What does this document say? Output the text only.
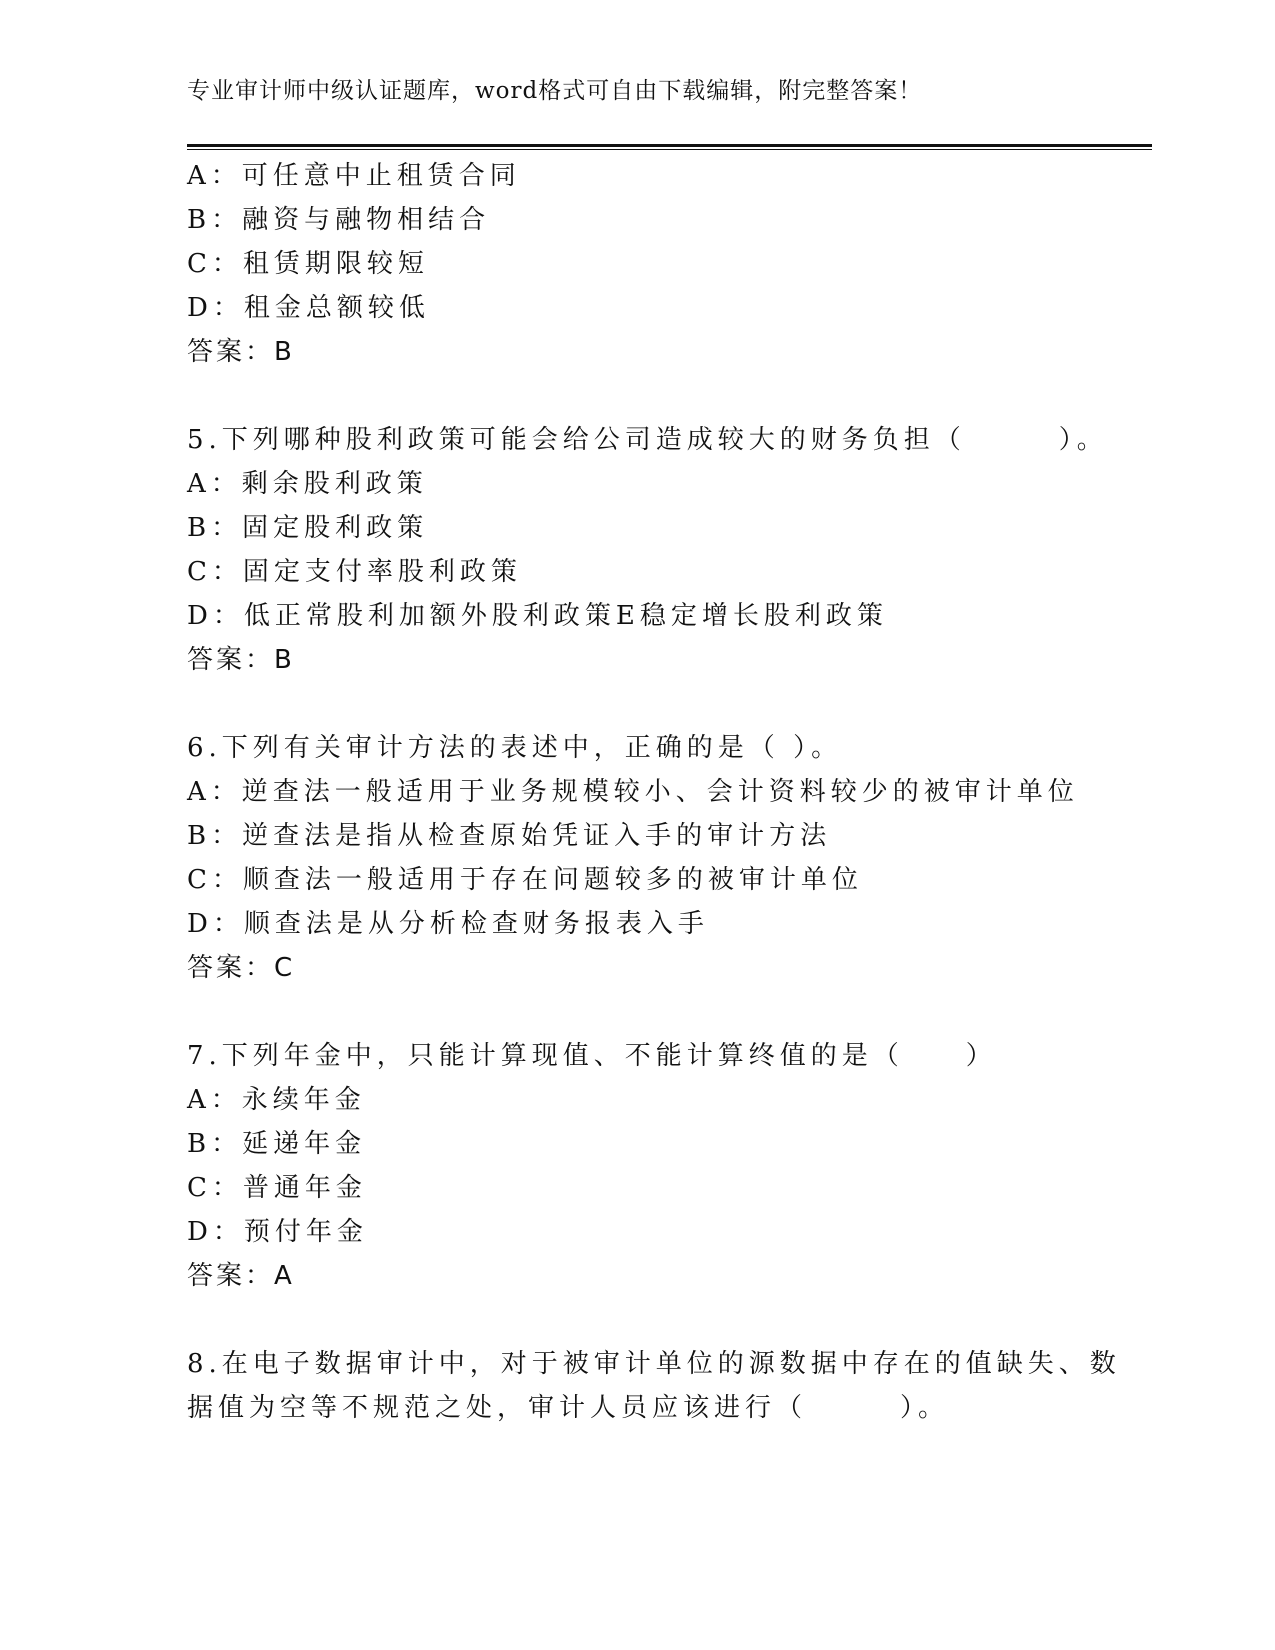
专业审计师中级认证题库，word格式可自由下载编辑，附完整答案！
A：可任意中止租赁合同
B：融资与融物相结合
C：租赁期限较短
D：租金总额较低
答案：B
5.下列哪种股利政策可能会给公司造成较大的财务负担（　　　）。
A：剩余股利政策
B：固定股利政策
C：固定支付率股利政策
D：低正常股利加额外股利政策E稳定增长股利政策
答案：B
6.下列有关审计方法的表述中，正确的是（ ）。
A：逆查法一般适用于业务规模较小、会计资料较少的被审计单位
B：逆查法是指从检查原始凭证入手的审计方法
C：顺查法一般适用于存在问题较多的被审计单位
D：顺查法是从分析检查财务报表入手
答案：C
7.下列年金中，只能计算现值、不能计算终值的是（　　）
A：永续年金
B：延递年金
C：普通年金
D：预付年金
答案：A
8.在电子数据审计中，对于被审计单位的源数据中存在的值缺失、数
据值为空等不规范之处，审计人员应该进行（　　　）。
